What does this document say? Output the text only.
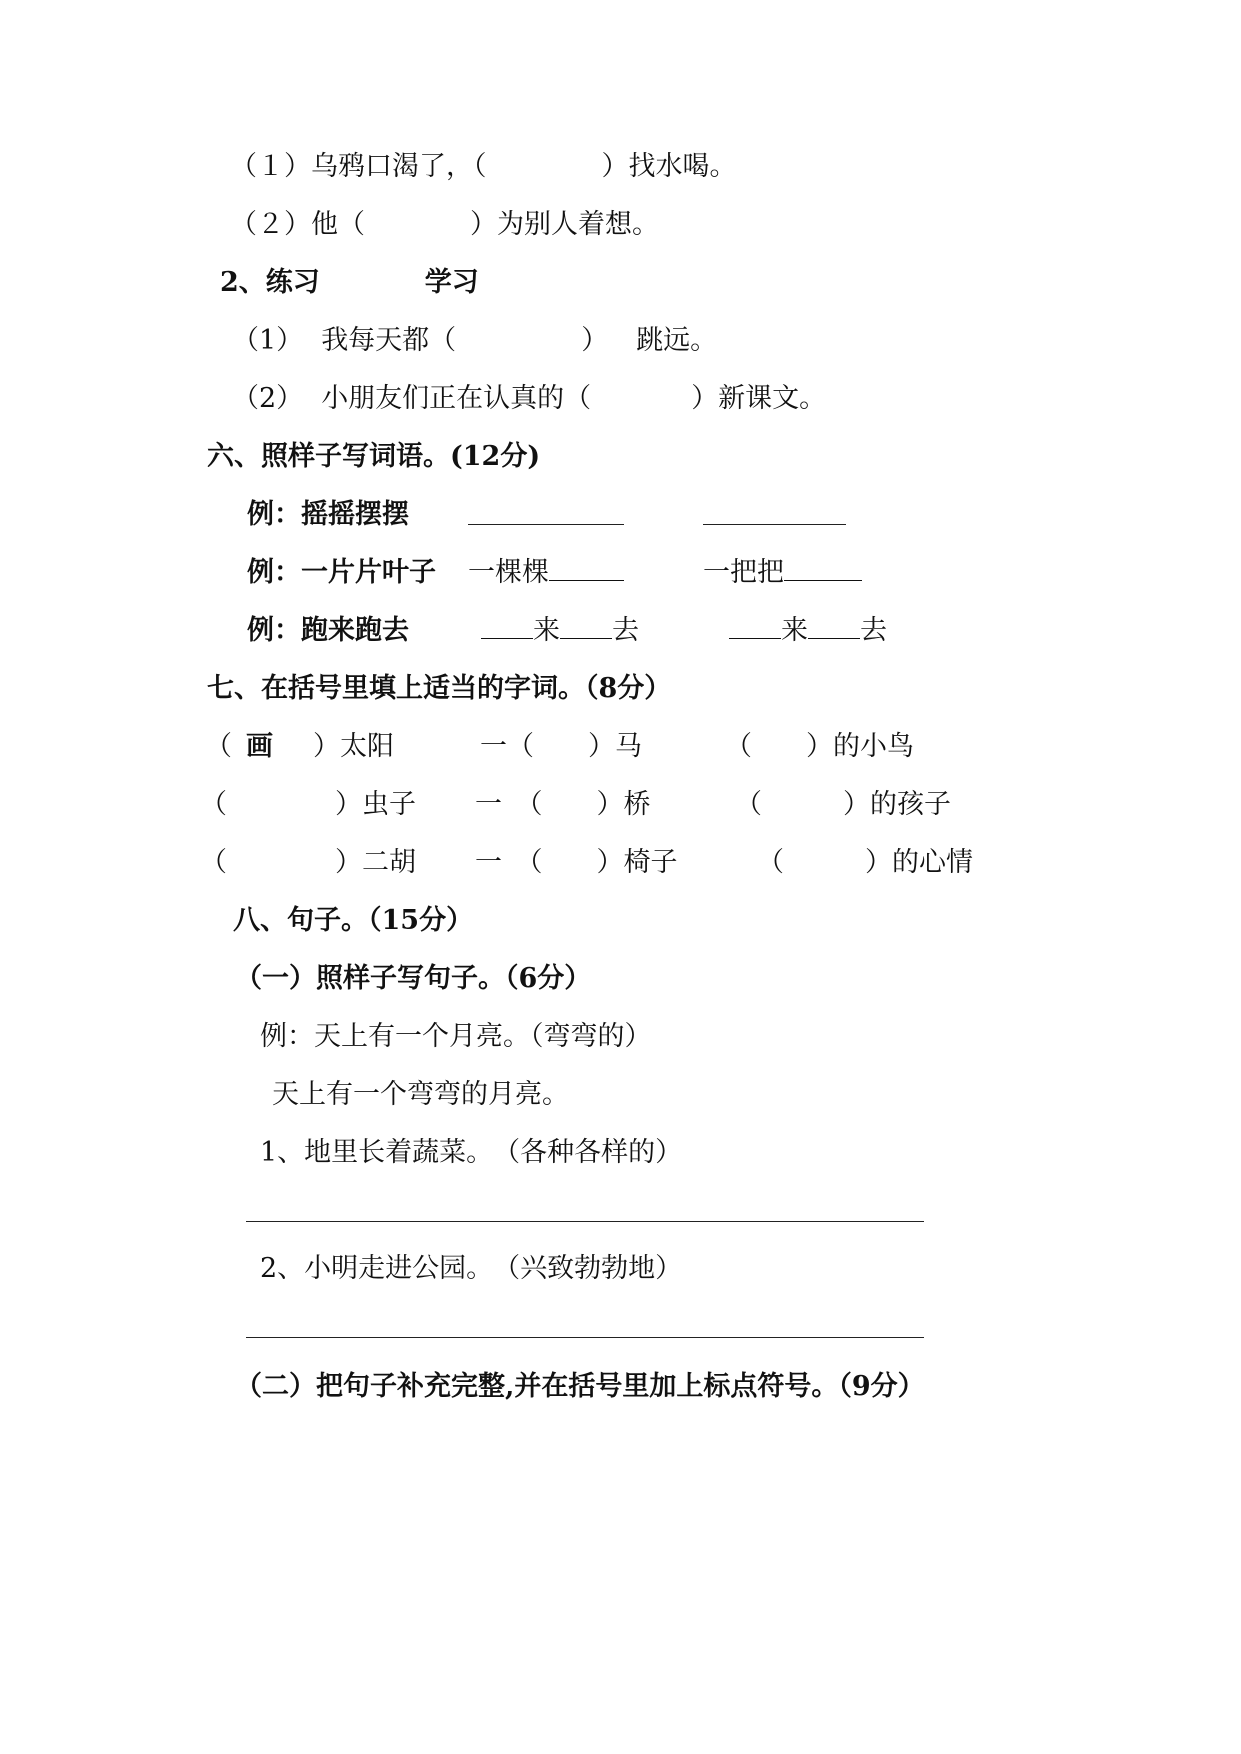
（１）乌鸦口渴了，（	）找水喝。
（２）他（	）为别人着想。
2、练习	学习
（1） 我每天都（	） 跳远。
（2） 小朋友们正在认真的（	）新课文。
六、照样子写词语。(12分)
例：摇摇摆摆
例：一片片叶子 一棵棵	一把把
例：跑来跑去	来 去	来 去
七、在括号里填上适当的字词。（8分）
（ 画 ）太阳	一（　　）马	（　　）的小鸟
（　　　　）虫子 一　（　　）桥	（　　　）的孩子
（　　　　）二胡 一　（　　）椅子	（　　　）的心情
八、句子。（15分）
（一）照样子写句子。（6分）
例：天上有一个月亮。（弯弯的）
天上有一个弯弯的月亮。
1、地里长着蔬菜。　（各种各样的）
2、小明走进公园。　（兴致勃勃地）
（二）把句子补充完整,并在括号里加上标点符号。（9分）
